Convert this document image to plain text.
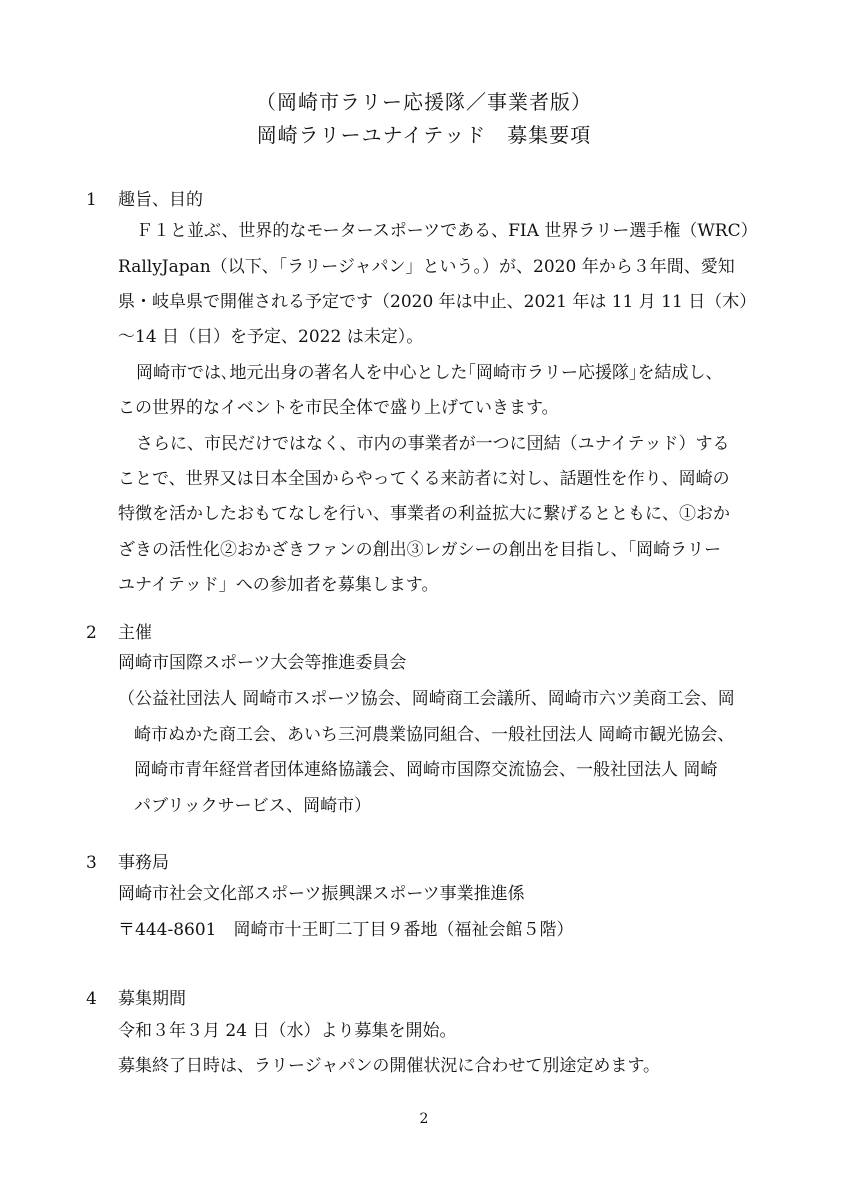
（岡崎市ラリー応援隊／事業者版）
岡崎ラリーユナイテッド　募集要項
1 趣旨、目的
Ｆ１と並ぶ、世界的なモータースポーツである、FIA 世界ラリー選手権（WRC）
RallyJapan（以下、「ラリージャパン」という。）が、2020 年から３年間、愛知
県・岐阜県で開催される予定です（2020 年は中止、2021 年は 11 月 11 日（木）
～14 日（日）を予定、2022 は未定）。
岡崎市では､地元出身の著名人を中心とした｢岡崎市ラリー応援隊｣を結成し、
この世界的なイベントを市民全体で盛り上げていきます。
さらに、市民だけではなく、市内の事業者が一つに団結（ユナイテッド）する
ことで、世界又は日本全国からやってくる来訪者に対し、話題性を作り、岡崎の
特徴を活かしたおもてなしを行い、事業者の利益拡大に繋げるとともに、①おか
ざきの活性化②おかざきファンの創出③レガシーの創出を目指し、「岡崎ラリー
ユナイテッド」への参加者を募集します。
2 主催
岡崎市国際スポーツ大会等推進委員会
（公益社団法人 岡崎市スポーツ協会、岡崎商工会議所、岡崎市六ツ美商工会、岡
崎市ぬかた商工会、あいち三河農業協同組合、一般社団法人 岡崎市観光協会、
岡崎市青年経営者団体連絡協議会、岡崎市国際交流協会、一般社団法人 岡崎
パブリックサービス、岡崎市）
3 事務局
岡崎市社会文化部スポーツ振興課スポーツ事業推進係
〒444-8601　岡崎市十王町二丁目９番地（福祉会館５階）
4 募集期間
令和３年３月 24 日（水）より募集を開始。
募集終了日時は、ラリージャパンの開催状況に合わせて別途定めます。
2
